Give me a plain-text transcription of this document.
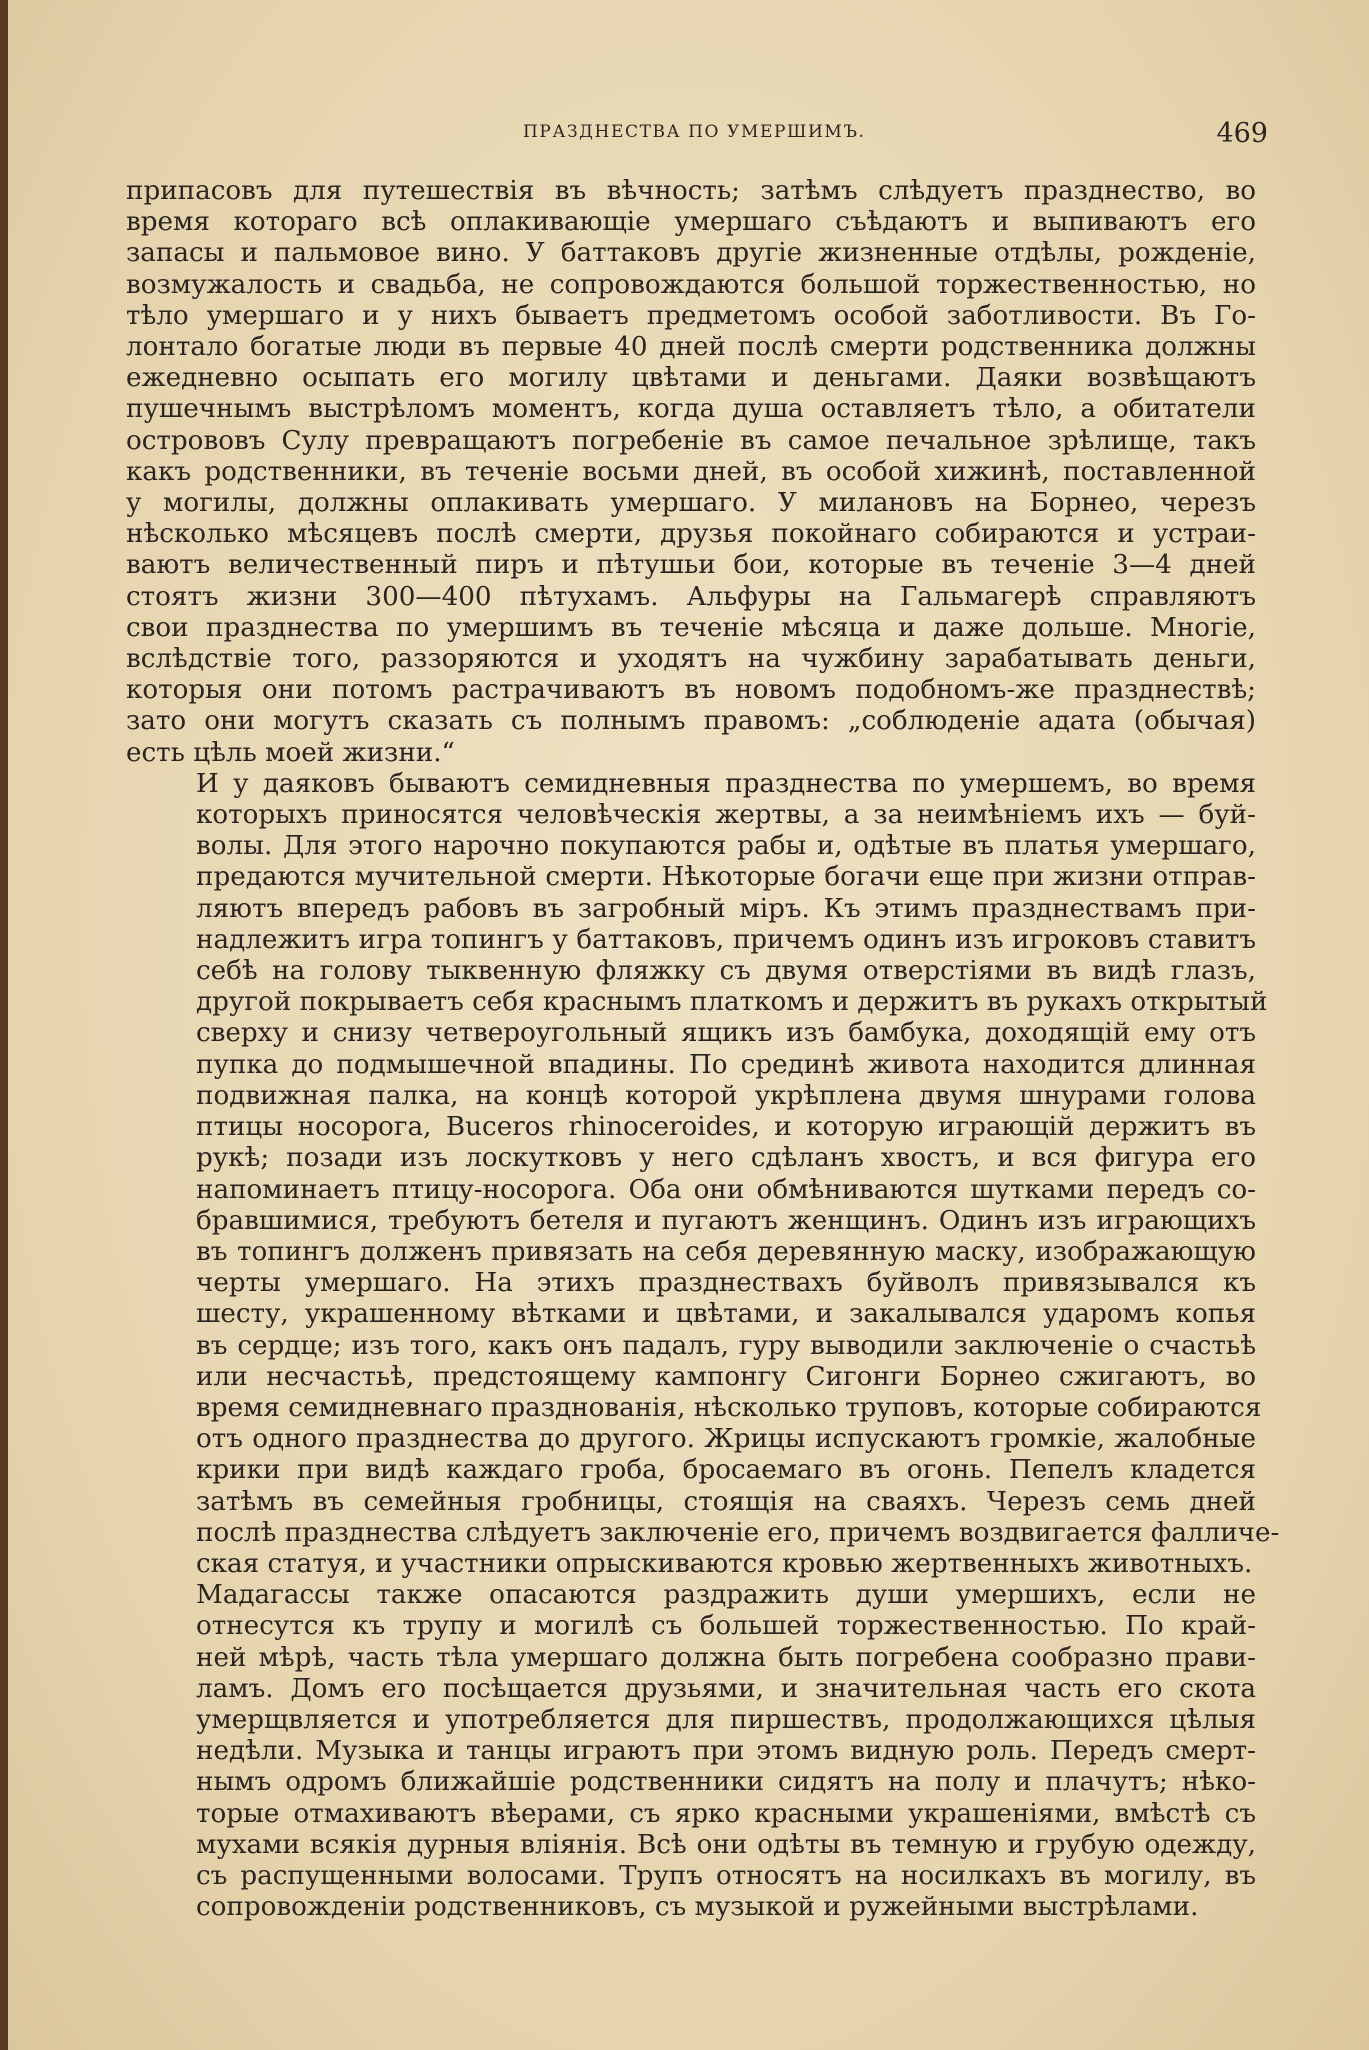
ПРАЗДНЕСТВА ПО УМЕРШИМЪ.	469
припасовъ для путешествія въ вѣчность; затѣмъ слѣдуетъ празднество, во
время котораго всѣ оплакивающіе умершаго съѣдаютъ и выпиваютъ его
запасы и пальмовое вино. У баттаковъ другіе жизненные отдѣлы, рожденіе,
возмужалость и свадьба, не сопровождаются большой торжественностью, но
тѣло умершаго и у нихъ бываетъ предметомъ особой заботливости. Въ Го-
лонтало богатые люди въ первые 40 дней послѣ смерти родственника должны
ежедневно осыпать его могилу цвѣтами и деньгами. Даяки возвѣщаютъ
пушечнымъ выстрѣломъ моментъ, когда душа оставляетъ тѣло, а обитатели
острововъ Сулу превращаютъ погребеніе въ самое печальное зрѣлище, такъ
какъ родственники, въ теченіе восьми дней, въ особой хижинѣ, поставленной
у могилы, должны оплакивать умершаго. У милановъ на Борнео, черезъ
нѣсколько мѣсяцевъ послѣ смерти, друзья покойнаго собираются и устраи-
ваютъ величественный пиръ и пѣтушьи бои, которые въ теченіе 3—4 дней
стоятъ жизни 300—400 пѣтухамъ. Альфуры на Гальмагерѣ справляютъ
свои празднества по умершимъ въ теченіе мѣсяца и даже дольше. Многіе,
вслѣдствіе того, раззоряются и уходятъ на чужбину зарабатывать деньги,
которыя они потомъ растрачиваютъ въ новомъ подобномъ-же празднествѣ;
зато они могутъ сказать съ полнымъ правомъ: „соблюденіе адата (обычая)
есть цѣль моей жизни.“
И у даяковъ бываютъ семидневныя празднества по умершемъ, во время
которыхъ приносятся человѣческія жертвы, а за неимѣніемъ ихъ — буй-
волы. Для этого нарочно покупаются рабы и, одѣтые въ платья умершаго,
предаются мучительной смерти. Нѣкоторые богачи еще при жизни отправ-
ляютъ впередъ рабовъ въ загробный міръ. Къ этимъ празднествамъ при-
надлежитъ игра топингъ у баттаковъ, причемъ одинъ изъ игроковъ ставитъ
себѣ на голову тыквенную фляжку съ двумя отверстіями въ видѣ глазъ,
другой покрываетъ себя краснымъ платкомъ и держитъ въ рукахъ открытый
сверху и снизу четвероугольный ящикъ изъ бамбука, доходящій ему отъ
пупка до подмышечной впадины. По срединѣ живота находится длинная
подвижная палка, на концѣ которой укрѣплена двумя шнурами голова
птицы носорога, Buceros rhinoceroides, и которую играющій держитъ въ
рукѣ; позади изъ лоскутковъ у него сдѣланъ хвостъ, и вся фигура его
напоминаетъ птицу-носорога. Оба они обмѣниваются шутками передъ со-
бравшимися, требуютъ бетеля и пугаютъ женщинъ. Одинъ изъ играющихъ
въ топингъ долженъ привязать на себя деревянную маску, изображающую
черты умершаго. На этихъ празднествахъ буйволъ привязывался къ
шесту, украшенному вѣтками и цвѣтами, и закалывался ударомъ копья
въ сердце; изъ того, какъ онъ падалъ, гуру выводили заключеніе о счастьѣ
или несчастьѣ, предстоящему кампонгу Сигонги Борнео сжигаютъ, во
время семидневнаго празднованія, нѣсколько труповъ, которые собираются
отъ одного празднества до другого. Жрицы испускаютъ громкіе, жалобные
крики при видѣ каждаго гроба, бросаемаго въ огонь. Пепелъ кладется
затѣмъ въ семейныя гробницы, стоящія на сваяхъ. Черезъ семь дней
послѣ празднества слѣдуетъ заключеніе его, причемъ воздвигается фалличе-
ская статуя, и участники опрыскиваются кровью жертвенныхъ животныхъ.
Мадагассы также опасаются раздражить души умершихъ, если не
отнесутся къ трупу и могилѣ съ большей торжественностью. По край-
ней мѣрѣ, часть тѣла умершаго должна быть погребена сообразно прави-
ламъ. Домъ его посѣщается друзьями, и значительная часть его скота
умерщвляется и употребляется для пиршествъ, продолжающихся цѣлыя
недѣли. Музыка и танцы играютъ при этомъ видную роль. Передъ смерт-
нымъ одромъ ближайшіе родственники сидятъ на полу и плачутъ; нѣко-
торые отмахиваютъ вѣерами, съ ярко красными украшеніями, вмѣстѣ съ
мухами всякія дурныя вліянія. Всѣ они одѣты въ темную и грубую одежду,
съ распущенными волосами. Трупъ относятъ на носилкахъ въ могилу, въ
сопровожденіи родственниковъ, съ музыкой и ружейными выстрѣлами.
